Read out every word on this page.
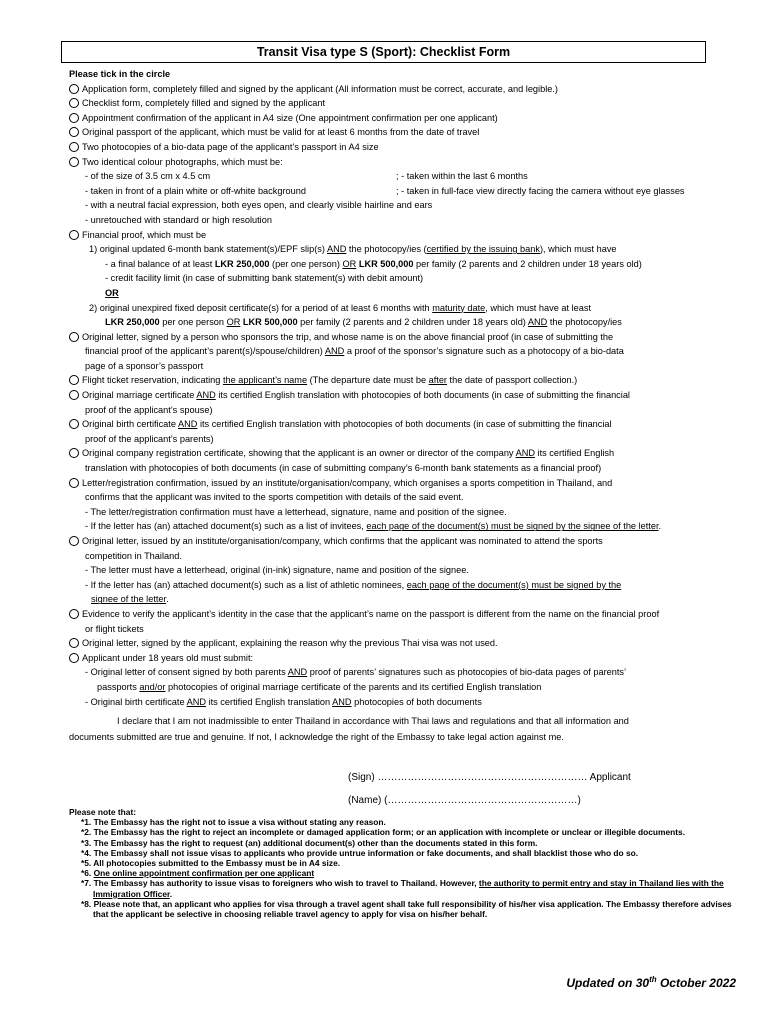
Transit Visa type S (Sport): Checklist Form
Please tick in the circle
Application form, completely filled and signed by the applicant (All information must be correct, accurate, and legible.)
Checklist form, completely filled and signed by the applicant
Appointment confirmation of the applicant in A4 size (One appointment confirmation per one applicant)
Original passport of the applicant, which must be valid for at least 6 months from the date of travel
Two photocopies of a bio-data page of the applicant’s passport in A4 size
Two identical colour photographs, which must be:
- of the size of 3.5 cm x 4.5 cm	; - taken within the last 6 months
- taken in front of a plain white or off-white background	; - taken in full-face view directly facing the camera without eye glasses
- with a neutral facial expression, both eyes open, and clearly visible hairline and ears
- unretouched with standard or high resolution
Financial proof, which must be
1) original updated 6-month bank statement(s)/EPF slip(s) AND the photocopy/ies (certified by the issuing bank), which must have
- a final balance of at least LKR 250,000 (per one person) OR LKR 500,000 per family (2 parents and 2 children under 18 years old)
- credit facility limit (in case of submitting bank statement(s) with debit amount)
OR
2) original unexpired fixed deposit certificate(s) for a period of at least 6 months with maturity date, which must have at least
LKR 250,000 per one person OR LKR 500,000 per family (2 parents and 2 children under 18 years old) AND the photocopy/ies
Original letter, signed by a person who sponsors the trip, and whose name is on the above financial proof (in case of submitting the
financial proof of the applicant’s parent(s)/spouse/children) AND a proof of the sponsor’s signature such as a photocopy of a bio-data
page of a sponsor’s passport
Flight ticket reservation, indicating the applicant’s name (The departure date must be after the date of passport collection.)
Original marriage certificate AND its certified English translation with photocopies of both documents (in case of submitting the financial
proof of the applicant’s spouse)
Original birth certificate AND its certified English translation with photocopies of both documents (in case of submitting the financial
proof of the applicant’s parents)
Original company registration certificate, showing that the applicant is an owner or director of the company AND its certified English
translation with photocopies of both documents (in case of submitting company’s 6-month bank statements as a financial proof)
Letter/registration confirmation, issued by an institute/organisation/company, which organises a sports competition in Thailand, and
confirms that the applicant was invited to the sports competition with details of the said event.
- The letter/registration confirmation must have a letterhead, signature, name and position of the signee.
- If the letter has (an) attached document(s) such as a list of invitees, each page of the document(s) must be signed by the signee of the letter.
Original letter, issued by an institute/organisation/company, which confirms that the applicant was nominated to attend the sports
competition in Thailand.
- The letter must have a letterhead, original (in-ink) signature, name and position of the signee.
- If the letter has (an) attached document(s) such as a list of athletic nominees, each page of the document(s) must be signed by the
signee of the letter.
Evidence to verify the applicant’s identity in the case that the applicant’s name on the passport is different from the name on the financial proof
or flight tickets
Original letter, signed by the applicant, explaining the reason why the previous Thai visa was not used.
Applicant under 18 years old must submit:
- Original letter of consent signed by both parents AND proof of parents’ signatures such as photocopies of bio-data pages of parents’
passports and/or photocopies of original marriage certificate of the parents and its certified English translation
- Original birth certificate AND its certified English translation AND photocopies of both documents
I declare that I am not inadmissible to enter Thailand in accordance with Thai laws and regulations and that all information and
documents submitted are true and genuine. If not, I acknowledge the right of the Embassy to take legal action against me.
(Sign) ……………………………………………………… Applicant
(Name) (…………………………………………………)
Please note that:
*1. The Embassy has the right not to issue a visa without stating any reason.
*2. The Embassy has the right to reject an incomplete or damaged application form; or an application with incomplete or unclear or illegible documents.
*3. The Embassy has the right to request (an) additional document(s) other than the documents stated in this form.
*4. The Embassy shall not issue visas to applicants who provide untrue information or fake documents, and shall blacklist those who do so.
*5. All photocopies submitted to the Embassy must be in A4 size.
*6. One online appointment confirmation per one applicant
*7. The Embassy has authority to issue visas to foreigners who wish to travel to Thailand. However, the authority to permit entry and stay in Thailand lies with the Immigration Officer.
*8. Please note that, an applicant who applies for visa through a travel agent shall take full responsibility of his/her visa application. The Embassy therefore advises that the applicant be selective in choosing reliable travel agency to apply for visa on his/her behalf.
Updated on 30th October 2022
